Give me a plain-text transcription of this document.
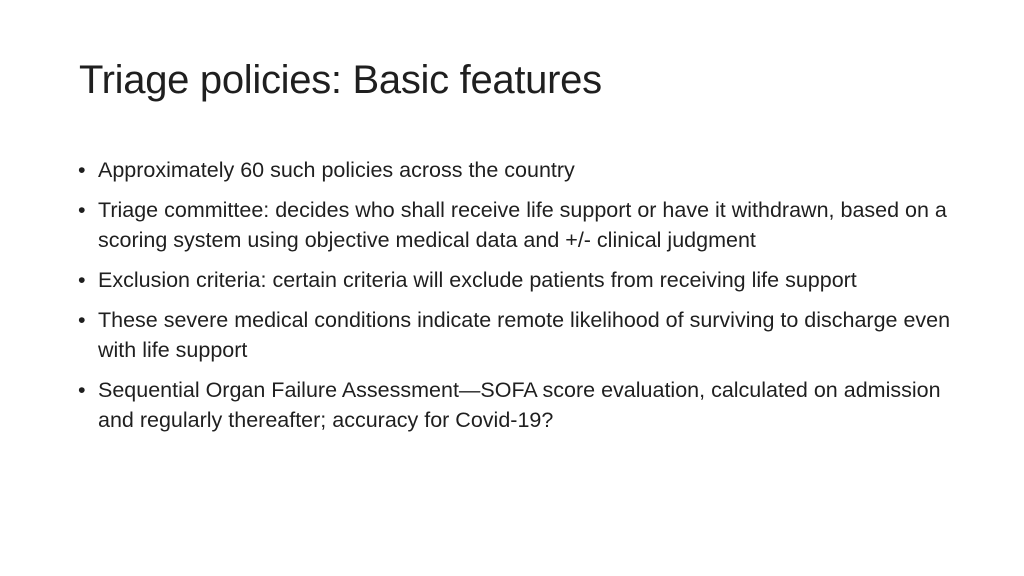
Triage policies: Basic features
• Approximately 60 such policies across the country
• Triage committee: decides who shall receive life support or have it withdrawn, based on a scoring system using objective medical data and +/- clinical judgment
• Exclusion criteria: certain criteria will exclude patients from receiving life support
• These severe medical conditions indicate remote likelihood of surviving to discharge even with life support
• Sequential Organ Failure Assessment—SOFA score evaluation, calculated on admission and regularly thereafter; accuracy for Covid-19?
